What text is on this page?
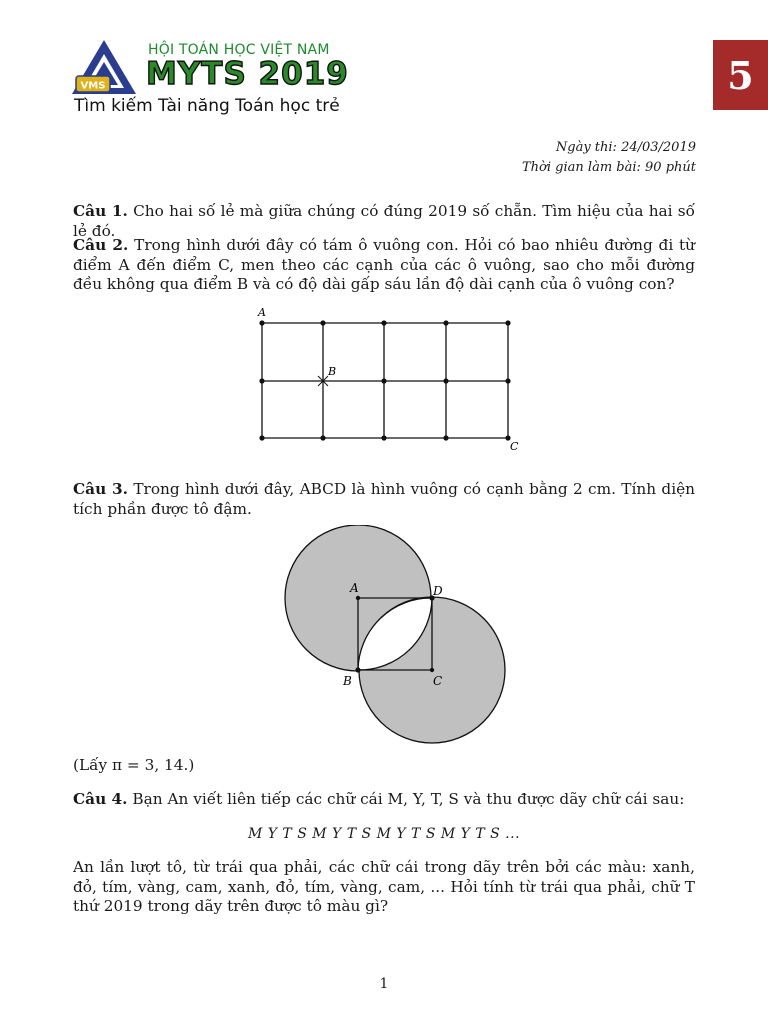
VMS
HỘI TOÁN HỌC VIỆT NAM
MYTS 2019
Tìm kiếm Tài năng Toán học trẻ
5
Ngày thi: 24/03/2019
Thời gian làm bài: 90 phút
Câu 1. Cho hai số lẻ mà giữa chúng có đúng 2019 số chẵn. Tìm hiệu của hai số lẻ đó.
Câu 2. Trong hình dưới đây có tám ô vuông con. Hỏi có bao nhiêu đường đi từ điểm A đến điểm C, men theo các cạnh của các ô vuông, sao cho mỗi đường đều không qua điểm B và có độ dài gấp sáu lần độ dài cạnh của ô vuông con?
A
B
C
Câu 3. Trong hình dưới đây, ABCD là hình vuông có cạnh bằng 2 cm. Tính diện tích phần được tô đậm.
A	D
B	C
(Lấy π = 3, 14.)
Câu 4. Bạn An viết liên tiếp các chữ cái M, Y, T, S và thu được dãy chữ cái sau:
M Y T S M Y T S M Y T S M Y T S ...
An lần lượt tô, từ trái qua phải, các chữ cái trong dãy trên bởi các màu: xanh, đỏ, tím, vàng, cam, xanh, đỏ, tím, vàng, cam, ... Hỏi tính từ trái qua phải, chữ T thứ 2019 trong dãy trên được tô màu gì?
1
